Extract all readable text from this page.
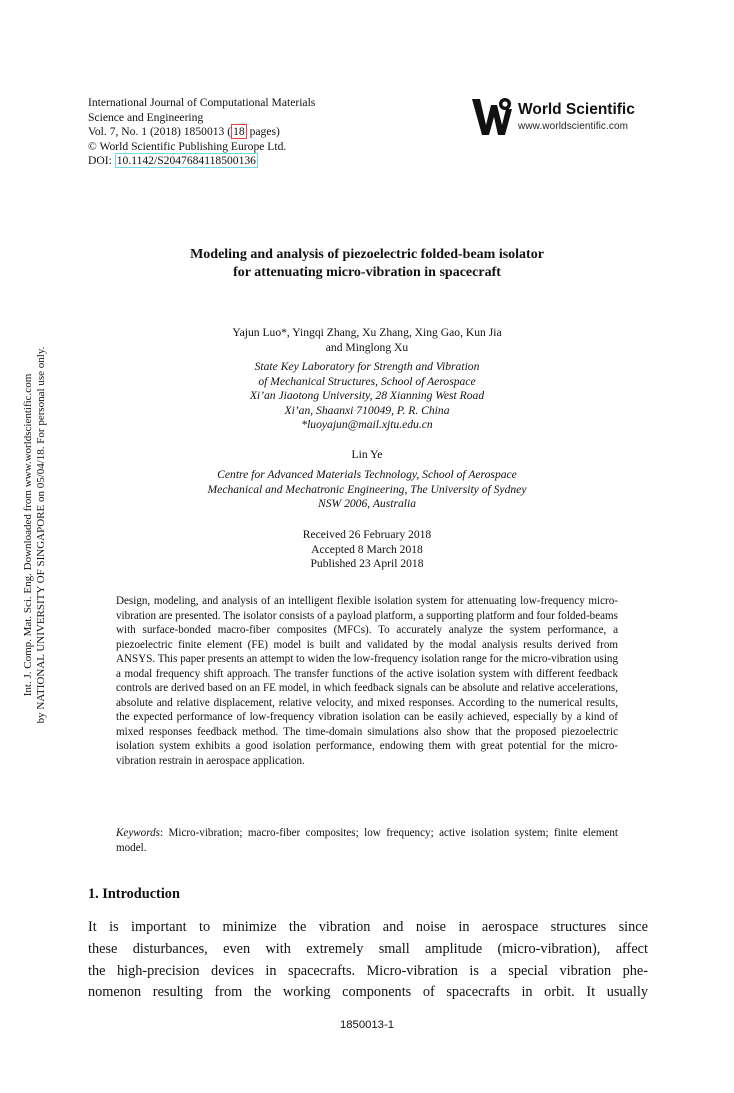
Int. J. Comp. Mat. Sci. Eng. Downloaded from www.worldscientific.com by NATIONAL UNIVERSITY OF SINGAPORE on 05/04/18. For personal use only.
International Journal of Computational Materials
Science and Engineering
Vol. 7, No. 1 (2018) 1850013 ( 18 pages)
© World Scientific Publishing Europe Ltd.
DOI: 10.1142/S2047684118500136
World Scientific
www.worldscientific.com
Modeling and analysis of piezoelectric folded-beam isolator
for attenuating micro-vibration in spacecraft
Yajun Luo*, Yingqi Zhang, Xu Zhang, Xing Gao, Kun Jia
and Minglong Xu
State Key Laboratory for Strength and Vibration
of Mechanical Structures, School of Aerospace
Xi’an Jiaotong University, 28 Xianning West Road
Xi’an, Shaanxi 710049, P. R. China
*luoyajun@mail.xjtu.edu.cn
Lin Ye
Centre for Advanced Materials Technology, School of Aerospace
Mechanical and Mechatronic Engineering, The University of Sydney
NSW 2006, Australia
Received 26 February 2018
Accepted 8 March 2018
Published 23 April 2018
Design, modeling, and analysis of an intelligent flexible isolation system for attenuating low-frequency micro-vibration are presented. The isolator consists of a payload platform, a supporting platform and four folded-beams with surface-bonded macro-fiber composites (MFCs). To accurately analyze the system performance, a piezoelectric finite element (FE) model is built and validated by the modal analysis results derived from ANSYS. This paper presents an attempt to widen the low-frequency isolation range for the micro-vibration using a modal frequency shift approach. The transfer functions of the active isolation system with different feedback controls are derived based on an FE model, in which feedback signals can be absolute and relative accelerations, absolute and relative displacement, relative velocity, and mixed responses. According to the numerical results, the expected performance of low-frequency vibration isolation can be easily achieved, especially by a kind of mixed responses feedback method. The time-domain simulations also show that the proposed piezoelectric isolation system exhibits a good isolation performance, endowing them with great potential for the micro-vibration restrain in aerospace application.
Keywords: Micro-vibration; macro-fiber composites; low frequency; active isolation system; finite element model.
1. Introduction
It is important to minimize the vibration and noise in aerospace structures since
these disturbances, even with extremely small amplitude (micro-vibration), affect
the high-precision devices in spacecrafts. Micro-vibration is a special vibration phe-
nomenon resulting from the working components of spacecrafts in orbit. It usually
1850013-1
